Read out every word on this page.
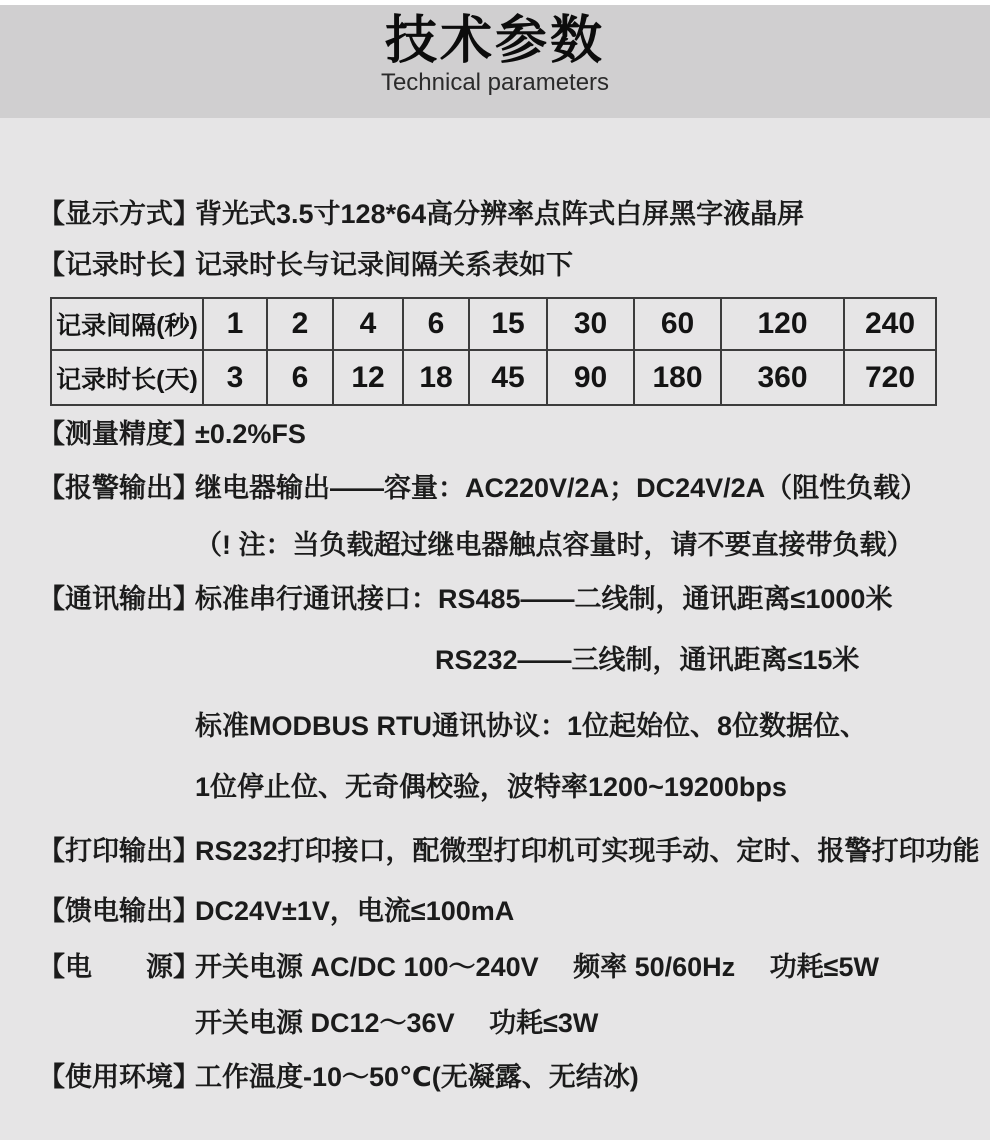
技术参数
Technical parameters
【显示方式】
背光式3.5寸128*64高分辨率点阵式白屏黑字液晶屏
【记录时长】
记录时长与记录间隔关系表如下
记录间隔(秒)	1	2	4	6	15	30	60	120	240
记录时长(天)	3	6	12	18	45	90	180	360	720
【测量精度】
±0.2%FS
【报警输出】
继电器输出——容量：AC220V/2A；DC24V/2A（阻性负载）
（! 注：当负载超过继电器触点容量时，请不要直接带负载）
【通讯输出】
标准串行通讯接口：RS485——二线制，通讯距离≤1000米
RS232——三线制，通讯距离≤15米
标准MODBUS RTU通讯协议：1位起始位、8位数据位、
1位停止位、无奇偶校验，波特率1200~19200bps
【打印输出】
RS232打印接口，配微型打印机可实现手动、定时、报警打印功能
【馈电输出】
DC24V±1V，电流≤100mA
【电　　源】
开关电源 AC/DC 100～240V　 频率 50/60Hz　 功耗≤5W
开关电源 DC12～36V　 功耗≤3W
【使用环境】
工作温度-10～50℃(无凝露、无结冰)
